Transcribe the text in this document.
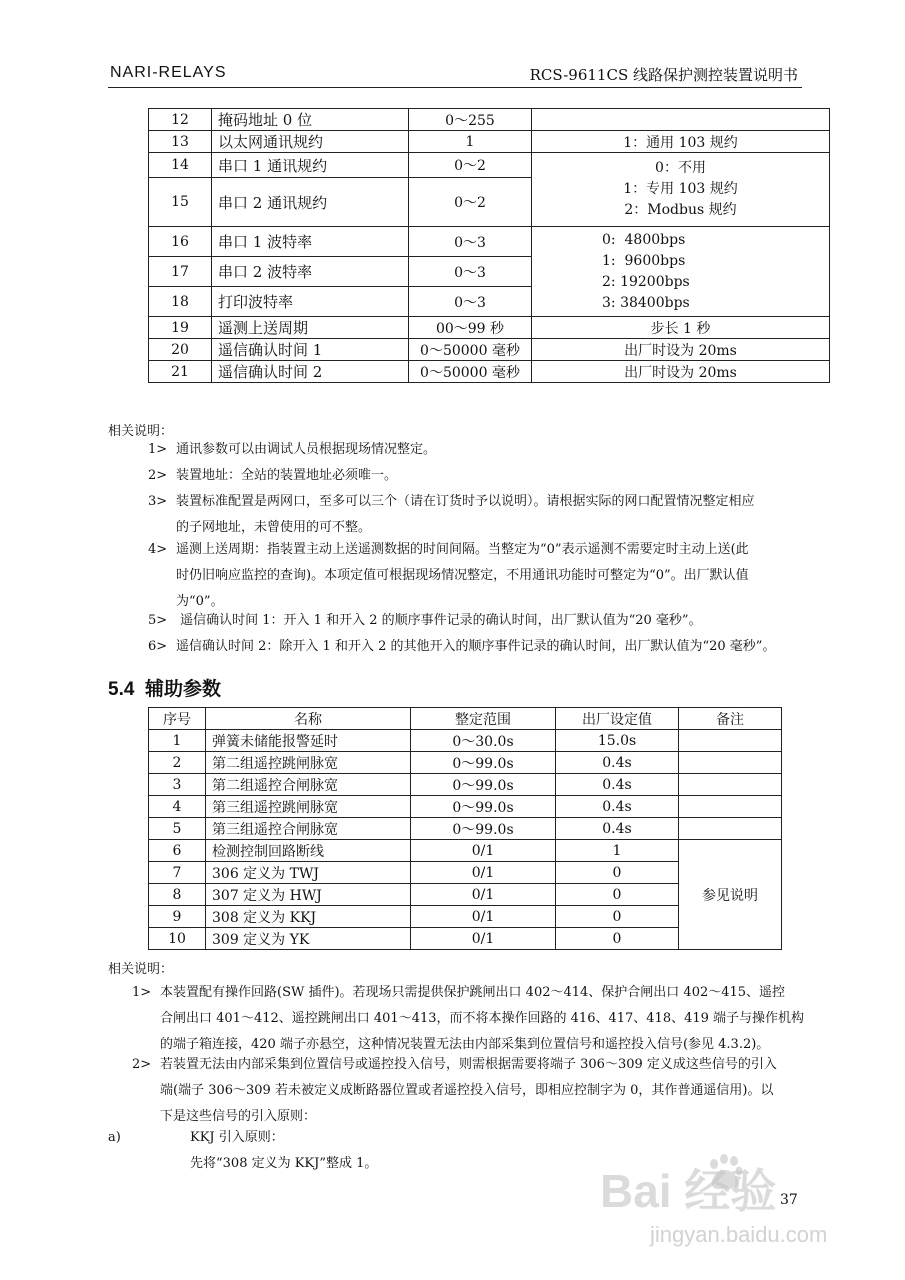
NARI-RELAYS	RCS-9611CS 线路保护测控装置说明书
12	掩码地址 0 位	0～255	
13	以太网通讯规约	1	1：通用 103 规约
14	串口 1 通讯规约	0～2	0：不用
1：专用 103 规约
2：Modbus 规约

15	串口 2 通讯规约	0～2	
16	串口 1 波特率	0～3	0:  4800bps
1:  9600bps
2: 19200bps
3: 38400bps

17	串口 2 波特率	0～3	
18	打印波特率	0～3	
19	遥测上送周期	00～99 秒	步长 1 秒
20	遥信确认时间 1	0～50000 毫秒	出厂时设为 20ms
21	遥信确认时间 2	0～50000 毫秒	出厂时设为 20ms
相关说明：
1> 通讯参数可以由调试人员根据现场情况整定。
2> 装置地址：全站的装置地址必须唯一。
3> 装置标准配置是两网口，至多可以三个（请在订货时予以说明）。请根据实际的网口配置情况整定相应
的子网地址，未曾使用的可不整。
4> 遥测上送周期：指装置主动上送遥测数据的时间间隔。当整定为“0”表示遥测不需要定时主动上送(此
时仍旧响应监控的查询)。本项定值可根据现场情况整定，不用通讯功能时可整定为“0”。出厂默认值
为“0”。
5> 遥信确认时间 1：开入 1 和开入 2 的顺序事件记录的确认时间，出厂默认值为“20 毫秒”。
6> 遥信确认时间 2：除开入 1 和开入 2 的其他开入的顺序事件记录的确认时间，出厂默认值为“20 毫秒”。
5.4  辅助参数
序号	名称	整定范围	出厂设定值	备注
1	弹簧未储能报警延时	0～30.0s	15.0s	
2	第二组遥控跳闸脉宽	0～99.0s	0.4s	
3	第二组遥控合闸脉宽	0～99.0s	0.4s	
4	第三组遥控跳闸脉宽	0～99.0s	0.4s	
5	第三组遥控合闸脉宽	0～99.0s	0.4s	
6	检测控制回路断线	0/1	1	参见说明
7	306 定义为 TWJ	0/1	0	
8	307 定义为 HWJ	0/1	0	
9	308 定义为 KKJ	0/1	0	
10	309 定义为 YK	0/1	0	
相关说明：
1> 本装置配有操作回路(SW 插件)。若现场只需提供保护跳闸出口 402～414、保护合闸出口 402～415、遥控
合闸出口 401～412、遥控跳闸出口 401～413，而不将本操作回路的 416、417、418、419 端子与操作机构
的端子箱连接，420 端子亦悬空，这种情况装置无法由内部采集到位置信号和遥控投入信号(参见 4.3.2)。
2> 若装置无法由内部采集到位置信号或遥控投入信号，则需根据需要将端子 306～309 定义成这些信号的引入
端(端子 306～309 若未被定义成断路器位置或者遥控投入信号，即相应控制字为 0，其作普通遥信用)。以
下是这些信号的引入原则：
a)	KKJ 引入原则：
先将“308 定义为 KKJ”整成 1。
37
Bai 经验
jingyan.baidu.com
